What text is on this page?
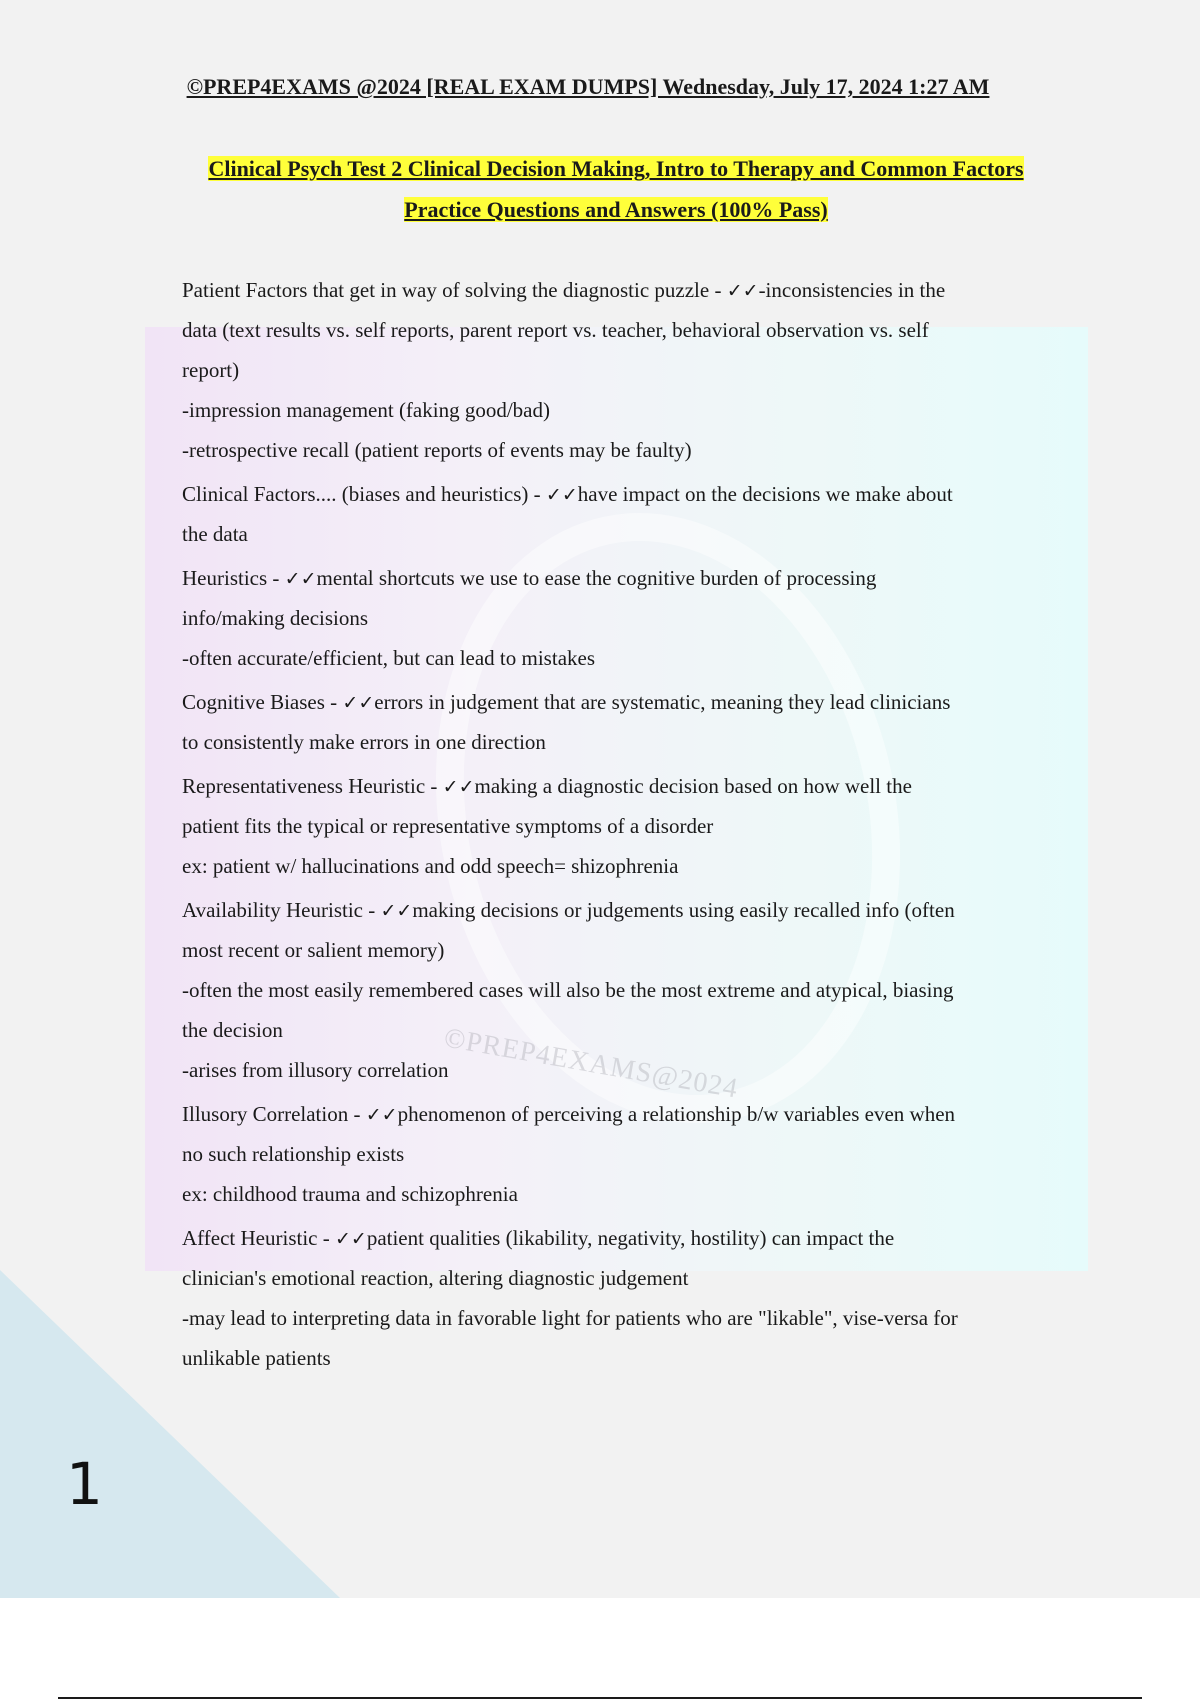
©PREP4EXAMS@2024
©PREP4EXAMS @2024 [REAL EXAM DUMPS] Wednesday, July 17, 2024 1:27 AM
Clinical Psych Test 2 Clinical Decision Making, Intro to Therapy and Common Factors
Practice Questions and Answers (100% Pass)
Patient Factors that get in way of solving the diagnostic puzzle - ✓✓-inconsistencies in the
data (text results vs. self reports, parent report vs. teacher, behavioral observation vs. self
report)
-impression management (faking good/bad)
-retrospective recall (patient reports of events may be faulty)
Clinical Factors.... (biases and heuristics) - ✓✓have impact on the decisions we make about
the data
Heuristics - ✓✓mental shortcuts we use to ease the cognitive burden of processing
info/making decisions
-often accurate/efficient, but can lead to mistakes
Cognitive Biases - ✓✓errors in judgement that are systematic, meaning they lead clinicians
to consistently make errors in one direction
Representativeness Heuristic - ✓✓making a diagnostic decision based on how well the
patient fits the typical or representative symptoms of a disorder
ex: patient w/ hallucinations and odd speech= shizophrenia
Availability Heuristic - ✓✓making decisions or judgements using easily recalled info (often
most recent or salient memory)
-often the most easily remembered cases will also be the most extreme and atypical, biasing
the decision
-arises from illusory correlation
Illusory Correlation - ✓✓phenomenon of perceiving a relationship b/w variables even when
no such relationship exists
ex: childhood trauma and schizophrenia
Affect Heuristic - ✓✓patient qualities (likability, negativity, hostility) can impact the
clinician's emotional reaction, altering diagnostic judgement
-may lead to interpreting data in favorable light for patients who are "likable", vise-versa for
unlikable patients
1
